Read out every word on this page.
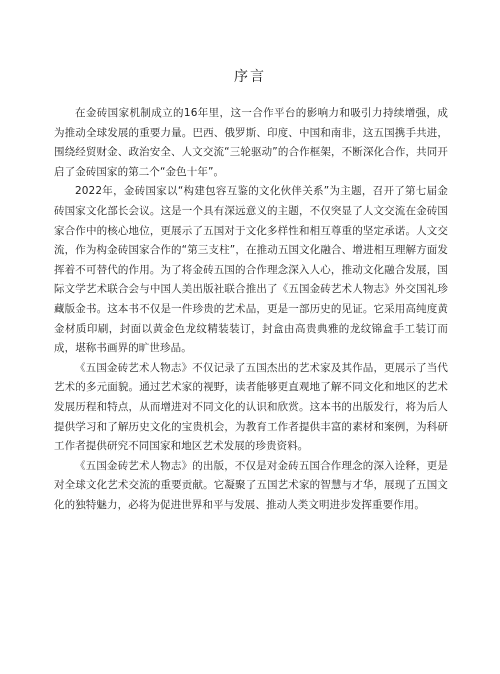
序言

在金砖国家机制成立的16年里，这一合作平台的影响力和吸引力持续增强，成为推动全球发展的重要力量。巴西、俄罗斯、印度、中国和南非，这五国携手共进，围绕经贸财金、政治安全、人文交流“三轮驱动”的合作框架，不断深化合作，共同开启了金砖国家的第二个“金色十年”。

2022年，金砖国家以“构建包容互鉴的文化伙伴关系”为主题，召开了第七届金砖国家文化部长会议。这是一个具有深远意义的主题，不仅突显了人文交流在金砖国家合作中的核心地位，更展示了五国对于文化多样性和相互尊重的坚定承诺。人文交流，作为构金砖国家合作的“第三支柱”，在推动五国文化融合、增进相互理解方面发挥着不可替代的作用。为了将金砖五国的合作理念深入人心，推动文化融合发展，国际文学艺术联合会与中国人美出版社联合推出了《五国金砖艺术人物志》外交国礼珍藏版金书。这本书不仅是一件珍贵的艺术品，更是一部历史的见证。它采用高纯度黄金材质印刷，封面以黄金色龙纹精装装订，封盒由高贵典雅的龙纹锦盒手工装订而成，堪称书画界的旷世珍品。

《五国金砖艺术人物志》不仅记录了五国杰出的艺术家及其作品，更展示了当代艺术的多元面貌。通过艺术家的视野，读者能够更直观地了解不同文化和地区的艺术发展历程和特点，从而增进对不同文化的认识和欣赏。这本书的出版发行，将为后人提供学习和了解历史文化的宝贵机会，为教育工作者提供丰富的素材和案例，为科研工作者提供研究不同国家和地区艺术发展的珍贵资料。

《五国金砖艺术人物志》的出版，不仅是对金砖五国合作理念的深入诠释，更是对全球文化艺术交流的重要贡献。它凝聚了五国艺术家的智慧与才华，展现了五国文化的独特魅力，必将为促进世界和平与发展、推动人类文明进步发挥重要作用。
